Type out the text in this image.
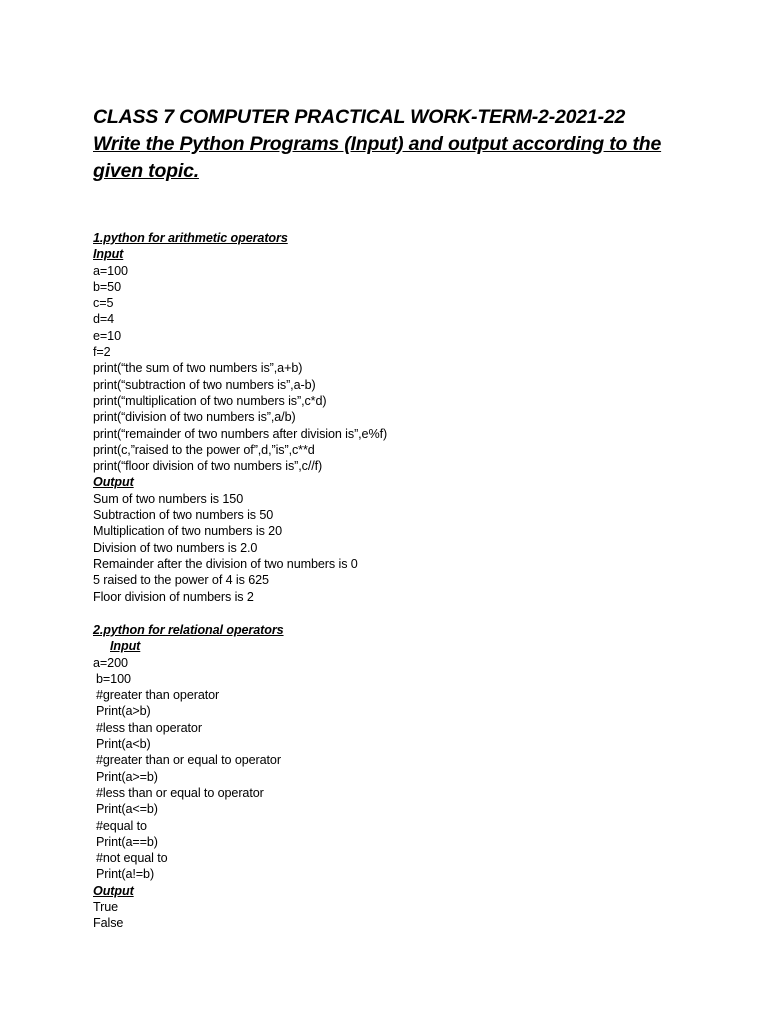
CLASS 7 COMPUTER PRACTICAL WORK-TERM-2-2021-22
Write the Python Programs (Input) and output according to the
given topic.
1.python for arithmetic operators
Input
a=100
b=50
c=5
d=4
e=10
f=2
print(“the sum of two numbers is”,a+b)
print(“subtraction of two numbers is”,a-b)
print(“multiplication of two numbers is”,c*d)
print(“division of two numbers is”,a/b)
print(“remainder of two numbers after division is”,e%f)
print(c,”raised to the power of”,d,”is”,c**d
print(“floor division of two numbers is”,c//f)
Output
Sum of two numbers is 150
Subtraction of two numbers is 50
Multiplication of two numbers is 20
Division of two numbers is 2.0
Remainder after the division of two numbers is 0
5 raised to the power of 4 is 625
Floor division of numbers is 2
2.python for relational operators
Input
a=200
b=100
#greater than operator
Print(a>b)
#less than operator
Print(a<b)
#greater than or equal to operator
Print(a>=b)
#less than or equal to operator
Print(a<=b)
#equal to
Print(a==b)
#not equal to
Print(a!=b)
Output
True
False
